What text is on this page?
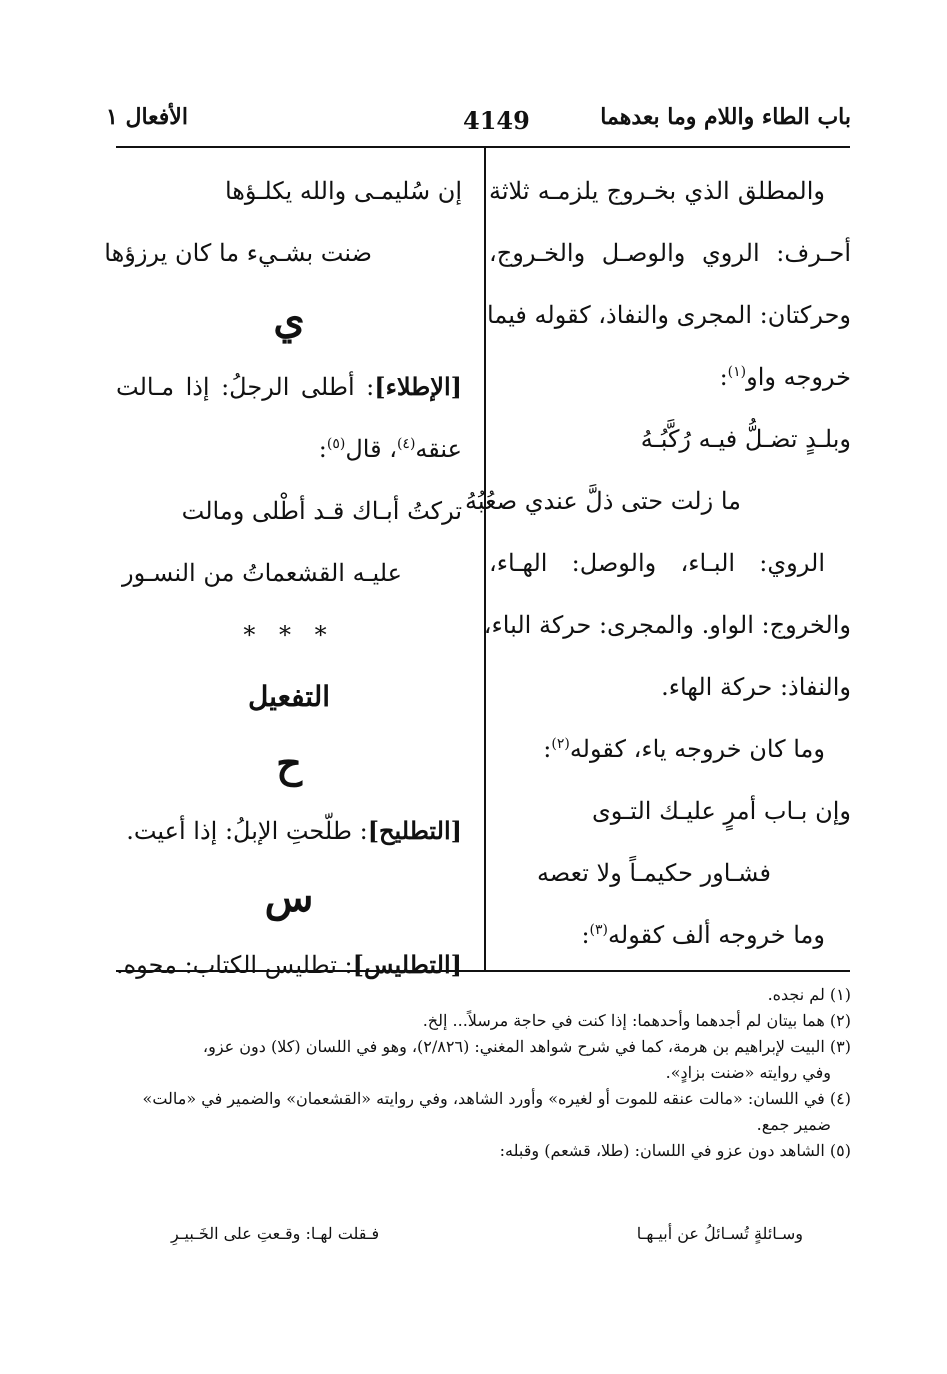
باب الطاء واللام وما بعدهما
4149
الأفعال ١
والمطلق الذي بخـروج يلزمـه ثلاثة
أحـرف: الروي والوصـل والخـروج،
وحركتان: المجرى والنفاذ، كقوله فيما
خروجه واو$^{(١)}$:
وبلـدٍ تضـلُّ فيـه رُكَّبُـهُ
ما زلت حتى ذلَّ عندي صعُبُهُ
الروي: البـاء، والوصل: الهـاء،
والخروج: الواو. والمجرى: حركة الباء،
والنفاذ: حركة الهاء.
وما كان خروجه ياء، كقوله$^{(٢)}$:
وإن بـاب أمرٍ عليـك التـوى
فشـاور حكيمـاً ولا تعصه
وما خروجه ألف كقوله$^{(٣)}$:
إن سُليمـى والله يكلـؤها
ضنت بشـيء ما كان يرزؤها
ي
[الإطلاء]: أطلى الرجلُ: إذا مـالت
عنقه$^{(٤)}$، قال$^{(٥)}$:
تركتُ أبـاك قـد أطْلى ومالت
عليـه القشعماتُ من النسـور
* * *
التفعيل
ح
[التطليح]: طلّحتِ الإبلُ: إذا أعيت.
س
[التطليس]: تطليس الكتاب: محوه.
(١) لم نجده.
(٢) هما بيتان لم أجدهما وأحدهما: إذا كنت في حاجة مرسلاً... إلخ.
(٣) البيت لإبراهيم بن هرمة، كما في شرح شواهد المغني: (٢/٨٢٦)، وهو في اللسان (كلا) دون عزو،
وفي روايته «ضنت بزادٍ».
(٤) في اللسان: «مالت عنقه للموت أو لغيره» وأورد الشاهد، وفي روايته «القشعمان» والضمير في «مالت»
ضمير جمع.
(٥) الشاهد دون عزو في اللسان: (طلا، قشعم) وقبله:
وسـائلةٍ تُسـائلُ عن أبيـهـا
فـقلت لهـا: وقـعتِ على الخَـبيـرِ
